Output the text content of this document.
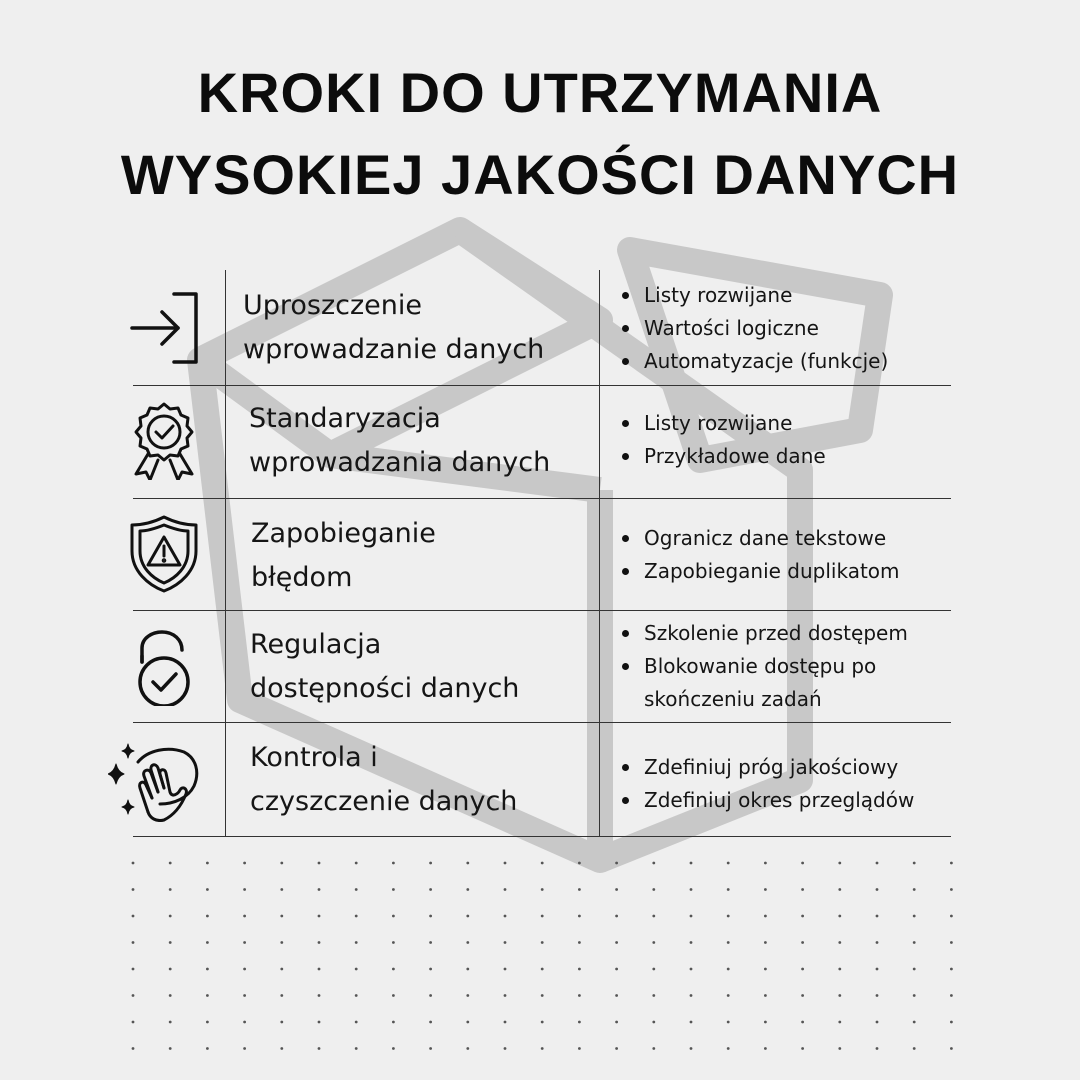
KROKI DO UTRZYMANIA
WYSOKIEJ JAKOŚCI DANYCH
Uproszczenie
wprowadzanie danych
Listy rozwijane
Wartości logiczne
Automatyzacje (funkcje)
Standaryzacja
wprowadzania danych
Listy rozwijane
Przykładowe dane
Zapobieganie
błędom
Ogranicz dane tekstowe
Zapobieganie duplikatom
Regulacja
dostępności danych
Szkolenie przed dostępem
Blokowanie dostępu po
skończeniu zadań
Kontrola i
czyszczenie danych
Zdefiniuj próg jakościowy
Zdefiniuj okres przeglądów
